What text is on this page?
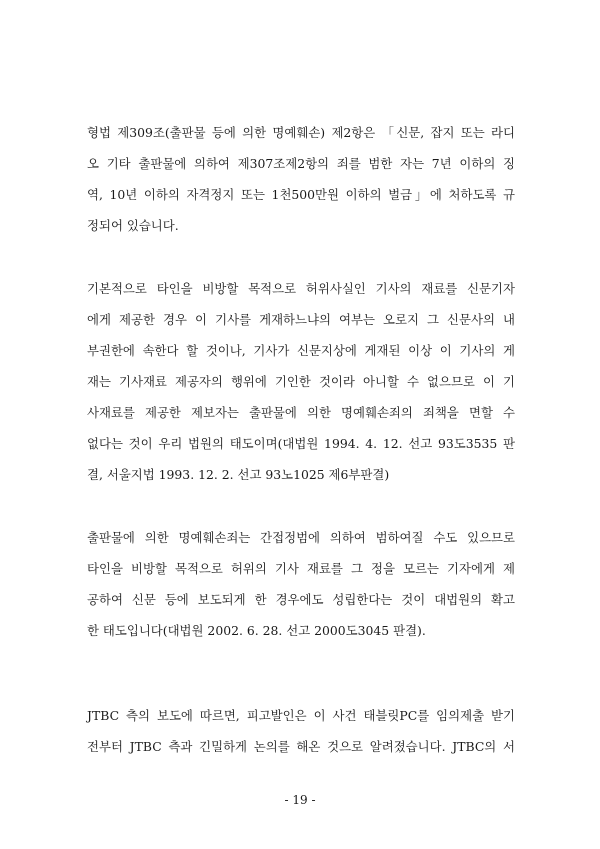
형법 제309조(출판물 등에 의한 명예훼손) 제2항은 「신문, 잡지 또는 라디
오 기타 출판물에 의하여 제307조제2항의 죄를 범한 자는 7년 이하의 징
역, 10년 이하의 자격정지 또는 1천500만원 이하의 벌금」에 처하도록 규
정되어 있습니다.
기본적으로 타인을 비방할 목적으로 허위사실인 기사의 재료를 신문기자
에게 제공한 경우 이 기사를 게재하느냐의 여부는 오로지 그 신문사의 내
부권한에 속한다 할 것이나, 기사가 신문지상에 게재된 이상 이 기사의 게
재는 기사재료 제공자의 행위에 기인한 것이라 아니할 수 없으므로 이 기
사재료를 제공한 제보자는 출판물에 의한 명예훼손죄의 죄책을 면할 수
없다는 것이 우리 법원의 태도이며(대법원 1994. 4. 12. 선고 93도3535 판
결, 서울지법 1993. 12. 2. 선고 93노1025 제6부판결)
출판물에 의한 명예훼손죄는 간접정범에 의하여 범하여질 수도 있으므로
타인을 비방할 목적으로 허위의 기사 재료를 그 정을 모르는 기자에게 제
공하여 신문 등에 보도되게 한 경우에도 성립한다는 것이 대법원의 확고
한 태도입니다(대법원 2002. 6. 28. 선고 2000도3045 판결).
JTBC 측의 보도에 따르면, 피고발인은 이 사건 태블릿PC를 임의제출 받기
전부터 JTBC 측과 긴밀하게 논의를 해온 것으로 알려졌습니다. JTBC의 서
- 19 -
